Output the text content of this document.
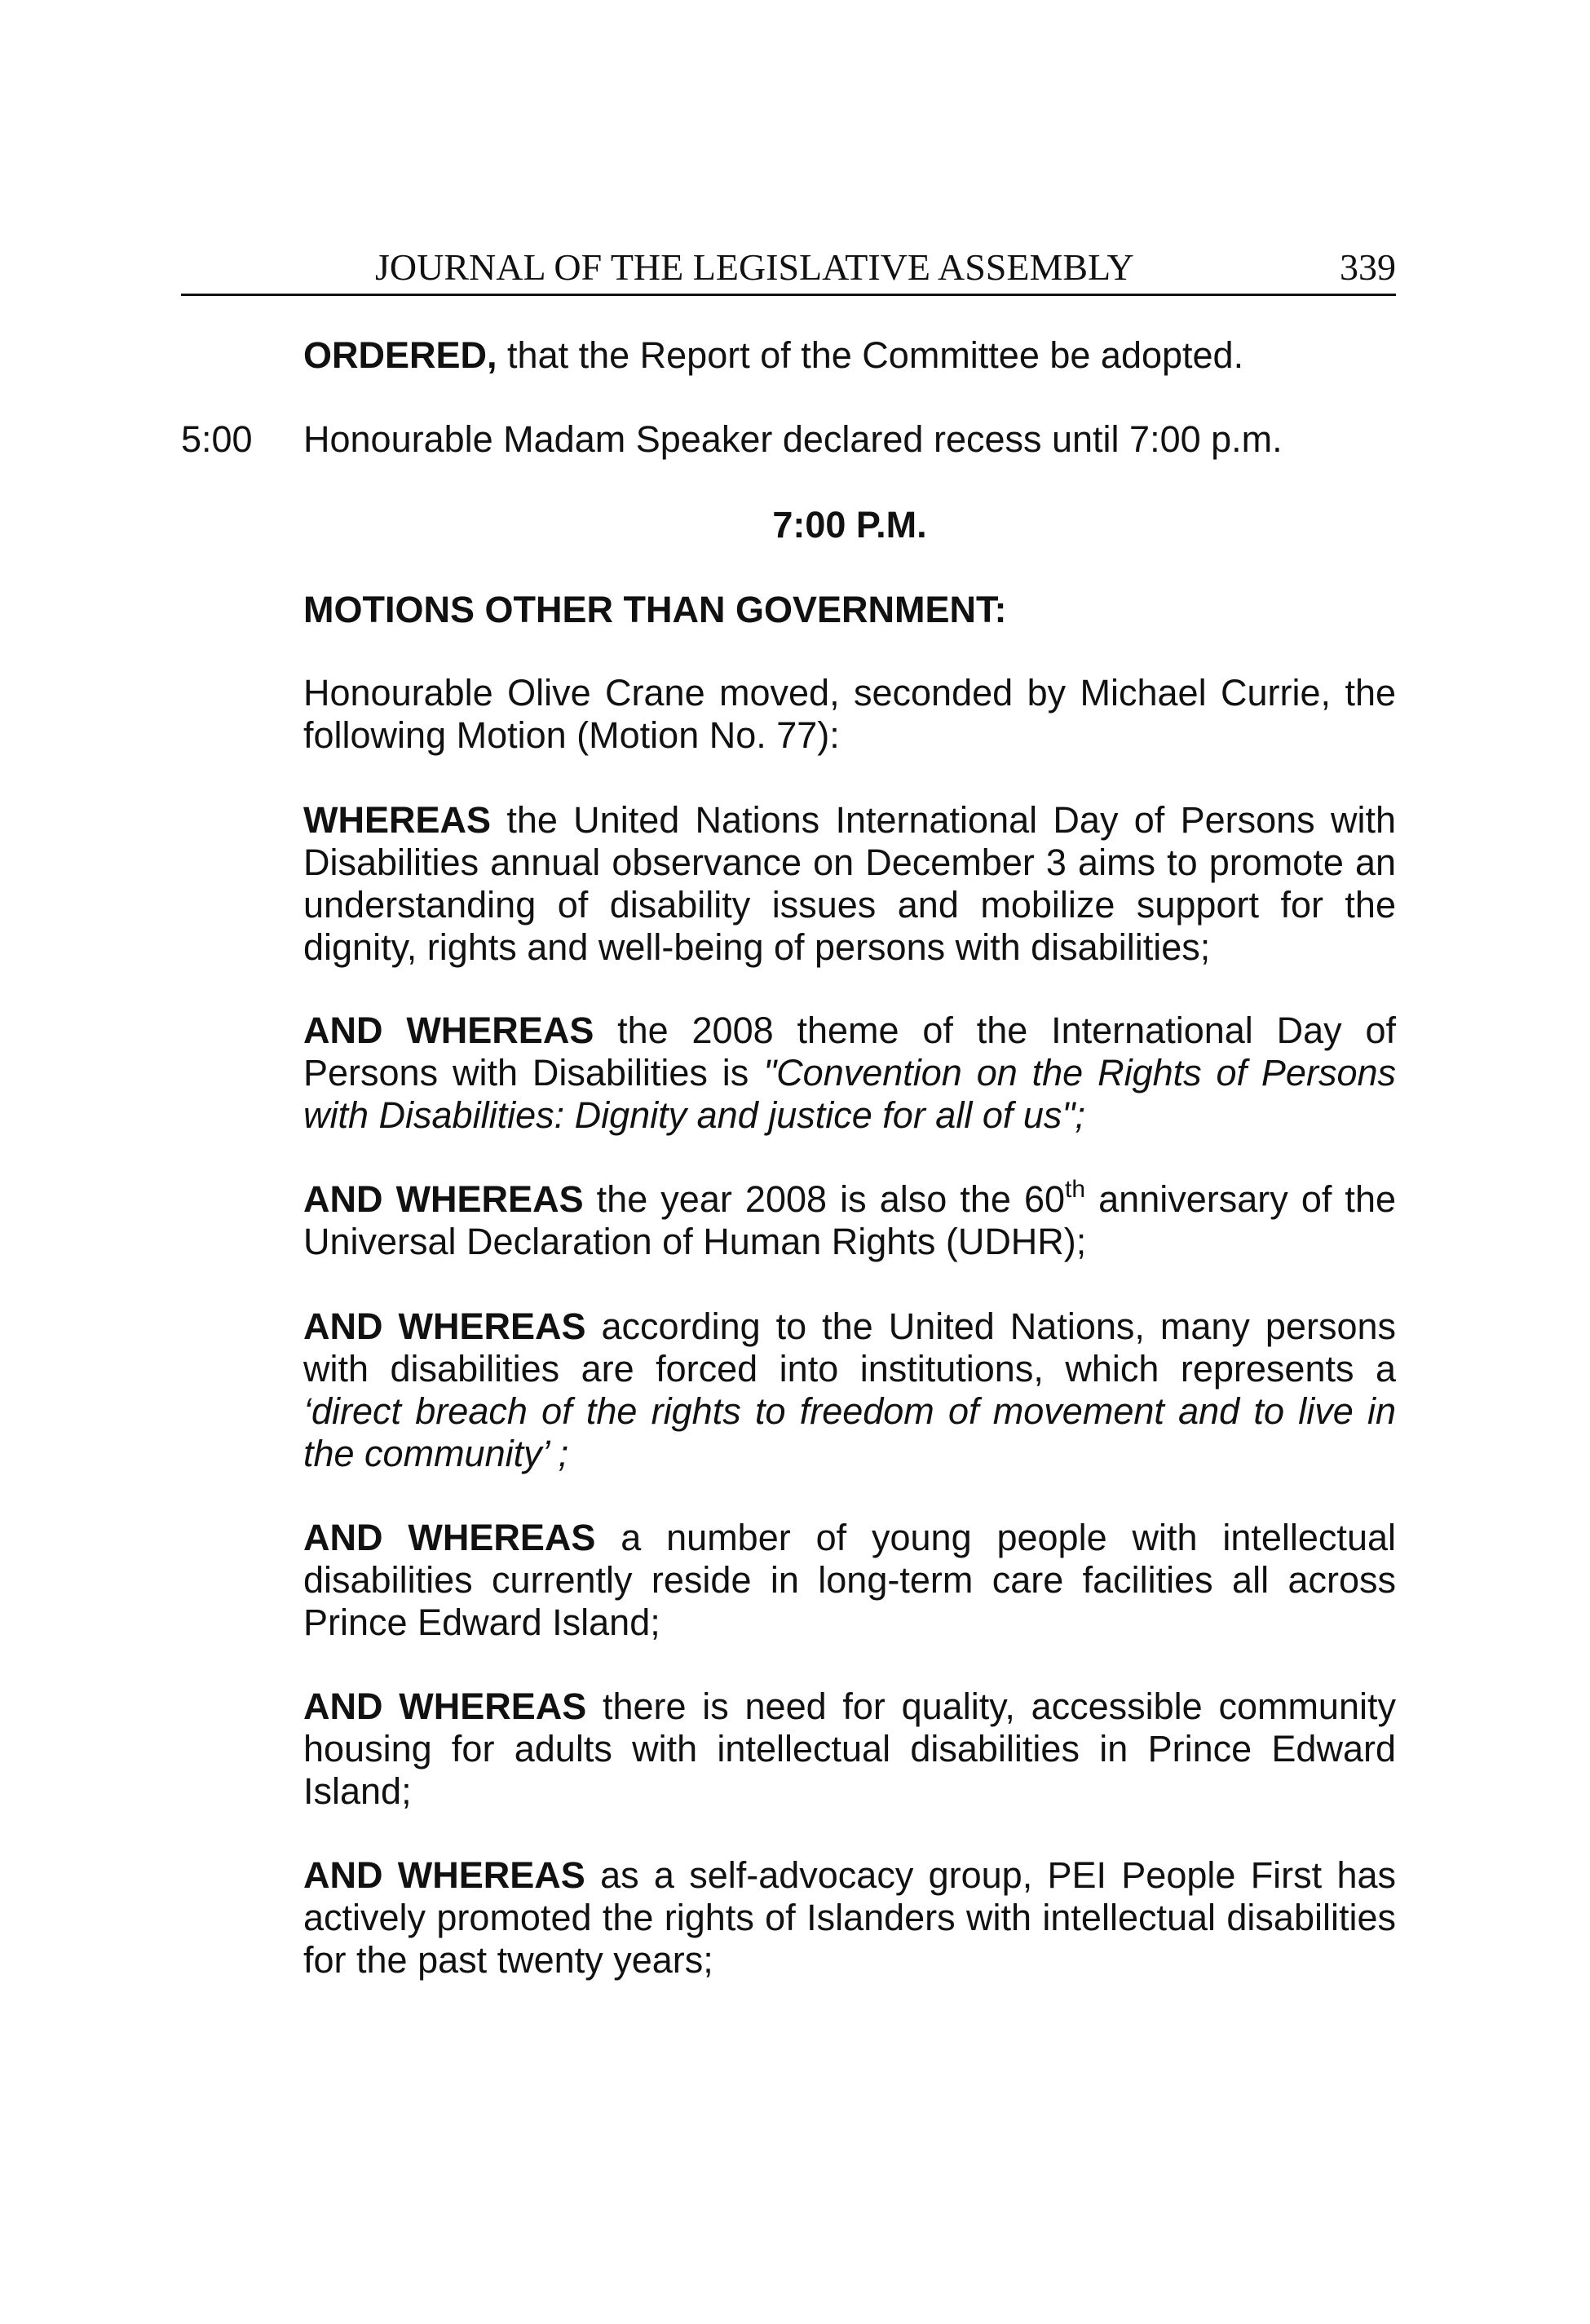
JOURNAL OF THE LEGISLATIVE ASSEMBLY	339

ORDERED, that the Report of the Committee be adopted.

5:00 Honourable Madam Speaker declared recess until 7:00 p.m.

7:00 P.M.
MOTIONS OTHER THAN GOVERNMENT:

Honourable Olive Crane moved, seconded by Michael Currie, the following Motion (Motion No. 77):

WHEREAS the United Nations International Day of Persons with Disabilities annual observance on December 3 aims to promote an understanding of disability issues and mobilize support for the dignity, rights and well-being of persons with disabilities;

AND WHEREAS the 2008 theme of the International Day of Persons with Disabilities is "Convention on the Rights of Persons with Disabilities: Dignity and justice for all of us";

AND WHEREAS the year 2008 is also the 60th anniversary of the Universal Declaration of Human Rights (UDHR);

AND WHEREAS according to the United Nations, many persons with disabilities are forced into institutions, which represents a ‘direct breach of the rights to freedom of movement and to live in the community’ ;

AND WHEREAS a number of young people with intellectual disabilities currently reside in long-term care facilities all across Prince Edward Island;

AND WHEREAS there is need for quality, accessible community housing for adults with intellectual disabilities in Prince Edward Island;

AND WHEREAS as a self-advocacy group, PEI People First has actively promoted the rights of Islanders with intellectual disabilities for the past twenty years;
